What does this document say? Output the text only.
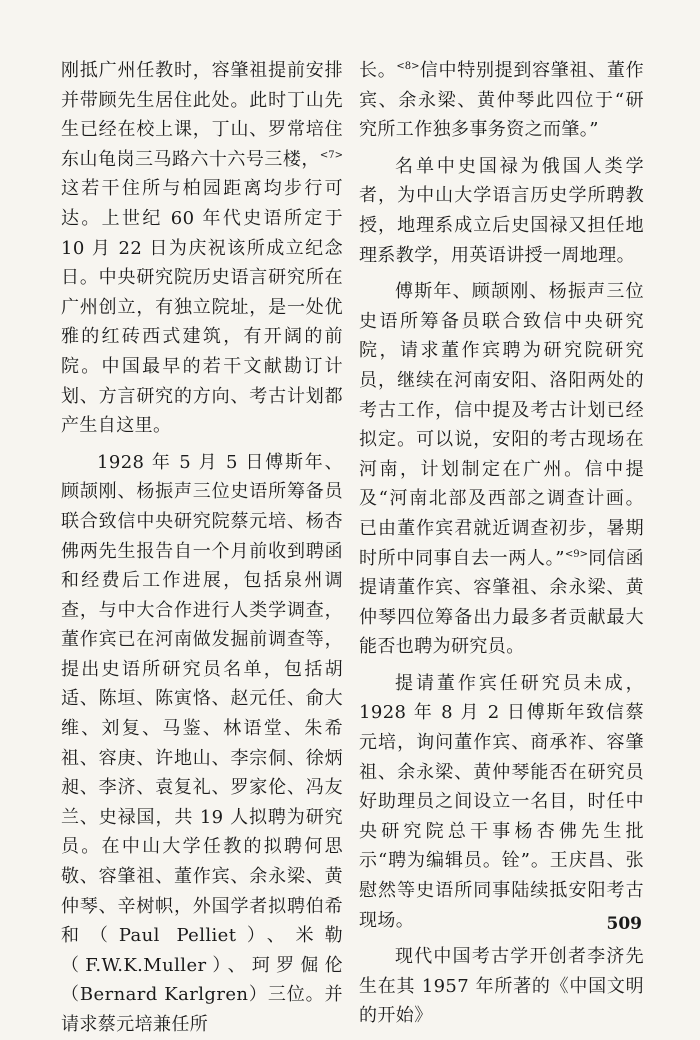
刚抵广州任教时，容肇祖提前安排并带顾先生居住此处。此时丁山先生已经在校上课，丁山、罗常培住东山龟岗三马路六十六号三楼，$^{<7>}$这若干住所与柏园距离均步行可达。上世纪 60 年代史语所定于 10 月 22 日为庆祝该所成立纪念日。中央研究院历史语言研究所在广州创立，有独立院址，是一处优雅的红砖西式建筑，有开阔的前院。中国最早的若干文献勘订计划、方言研究的方向、考古计划都产生自这里。

1928 年 5 月 5 日傅斯年、顾颉刚、杨振声三位史语所筹备员联合致信中央研究院蔡元培、杨杏佛两先生报告自一个月前收到聘函和经费后工作进展，包括泉州调查，与中大合作进行人类学调查，董作宾已在河南做发掘前调查等，提出史语所研究员名单，包括胡适、陈垣、陈寅恪、赵元任、俞大维、刘复、马鉴、林语堂、朱希祖、容庚、许地山、李宗侗、徐炳昶、李济、袁复礼、罗家伦、冯友兰、史禄国，共 19 人拟聘为研究员。在中山大学任教的拟聘何思敬、容肇祖、董作宾、余永梁、黄仲琴、辛树帜，外国学者拟聘伯希和（Paul Pelliet）、米勒（F.W.K.Muller）、珂罗倔伦（Bernard Karlgren）三位。并请求蔡元培兼任所

长。$^{<8>}$信中特别提到容肇祖、董作宾、余永梁、黄仲琴此四位于“研究所工作独多事务资之而肇。”

名单中史国禄为俄国人类学者，为中山大学语言历史学所聘教授，地理系成立后史国禄又担任地理系教学，用英语讲授一周地理。

傅斯年、顾颉刚、杨振声三位史语所筹备员联合致信中央研究院，请求董作宾聘为研究院研究员，继续在河南安阳、洛阳两处的考古工作，信中提及考古计划已经拟定。可以说，安阳的考古现场在河南，计划制定在广州。信中提及“河南北部及西部之调查计画。已由董作宾君就近调查初步，暑期时所中同事自去一两人。”$^{<9>}$同信函提请董作宾、容肇祖、余永梁、黄仲琴四位筹备出力最多者贡献最大能否也聘为研究员。

提请董作宾任研究员未成，1928 年 8 月 2 日傅斯年致信蔡元培，询问董作宾、商承祚、容肇祖、余永梁、黄仲琴能否在研究员好助理员之间设立一名目，时任中央研究院总干事杨杏佛先生批示“聘为编辑员。铨”。王庆昌、张慰然等史语所同事陆续抵安阳考古现场。

现代中国考古学开创者李济先生在其 1957 年所著的《中国文明的开始》

509
